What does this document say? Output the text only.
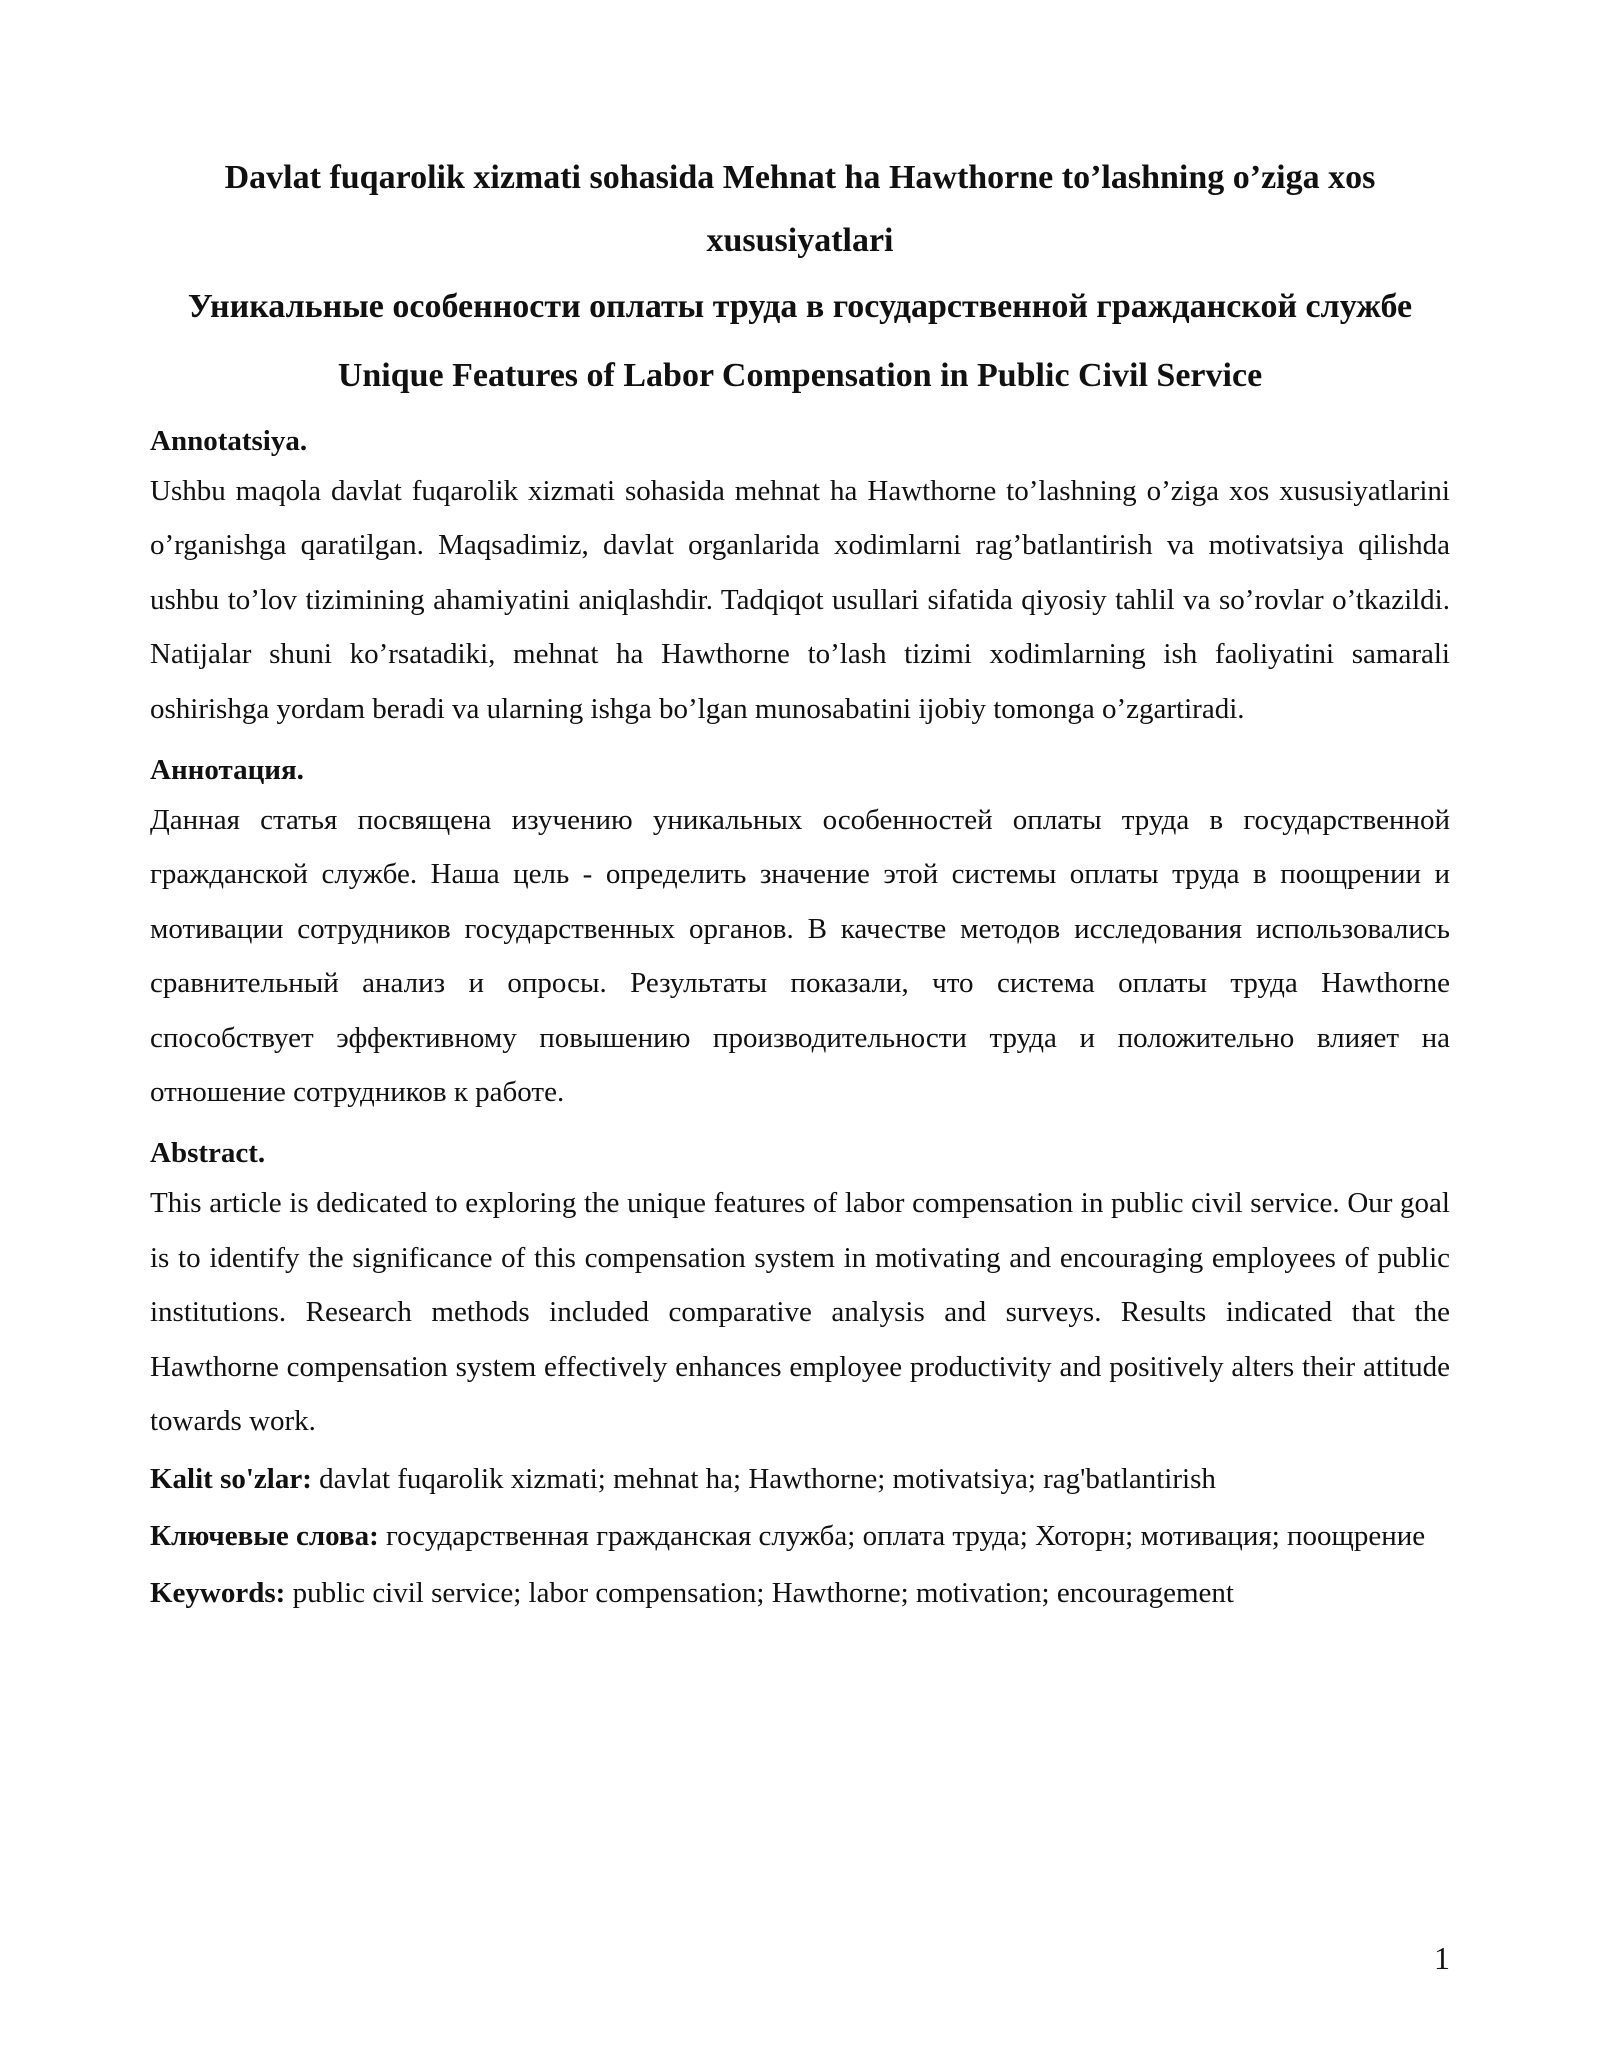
Davlat fuqarolik xizmati sohasida Mehnat ha Hawthorne to’lashning o’ziga xos xususiyatlari
Уникальные особенности оплаты труда в государственной гражданской службе
Unique Features of Labor Compensation in Public Civil Service
Annotatsiya.

Ushbu maqola davlat fuqarolik xizmati sohasida mehnat ha Hawthorne to’lashning o’ziga xos xususiyatlarini o’rganishga qaratilgan. Maqsadimiz, davlat organlarida xodimlarni rag’batlantirish va motivatsiya qilishda ushbu to’lov tizimining ahamiyatini aniqlashdir. Tadqiqot usullari sifatida qiyosiy tahlil va so’rovlar o’tkazildi. Natijalar shuni ko’rsatadiki, mehnat ha Hawthorne to’lash tizimi xodimlarning ish faoliyatini samarali oshirishga yordam beradi va ularning ishga bo’lgan munosabatini ijobiy tomonga o’zgartiradi.

Аннотация.

Данная статья посвящена изучению уникальных особенностей оплаты труда в государственной гражданской службе. Наша цель - определить значение этой системы оплаты труда в поощрении и мотивации сотрудников государственных органов. В качестве методов исследования использовались сравнительный анализ и опросы. Результаты показали, что система оплаты труда Hawthorne способствует эффективному повышению производительности труда и положительно влияет на отношение сотрудников к работе.

Abstract.

This article is dedicated to exploring the unique features of labor compensation in public civil service. Our goal is to identify the significance of this compensation system in motivating and encouraging employees of public institutions. Research methods included comparative analysis and surveys. Results indicated that the Hawthorne compensation system effectively enhances employee productivity and positively alters their attitude towards work.

Kalit so'zlar: davlat fuqarolik xizmati; mehnat ha; Hawthorne; motivatsiya; rag'batlantirish

Ключевые слова: государственная гражданская служба; оплата труда; Хоторн; мотивация; поощрение

Keywords: public civil service; labor compensation; Hawthorne; motivation; encouragement

1
